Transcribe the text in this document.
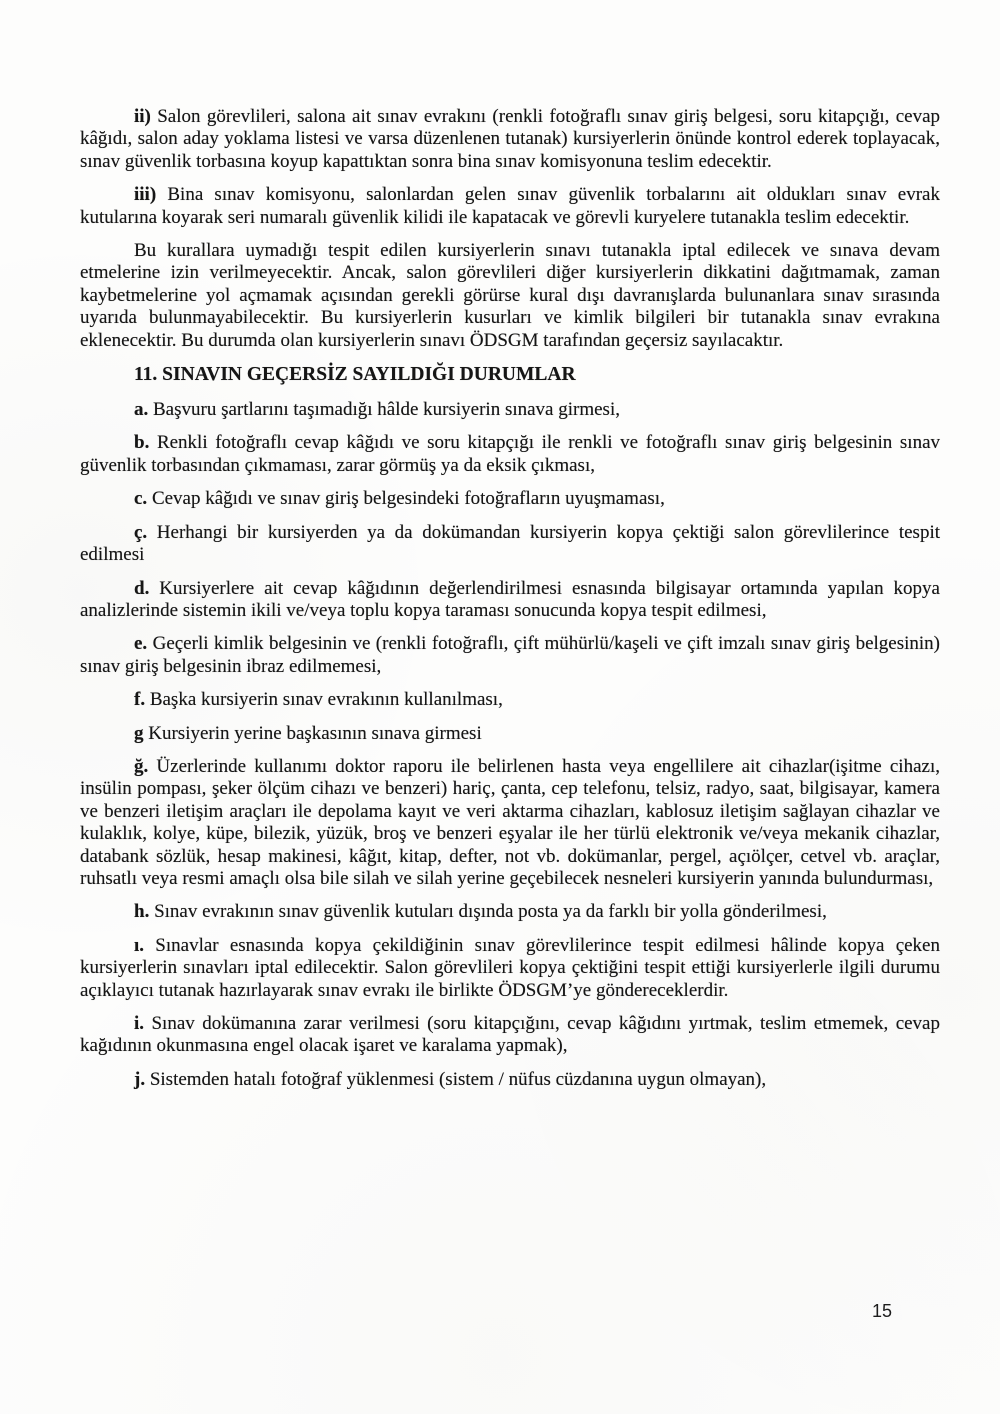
ii) Salon görevlileri, salona ait sınav evrakını (renkli fotoğraflı sınav giriş belgesi, soru kitapçığı, cevap kâğıdı, salon aday yoklama listesi ve varsa düzenlenen tutanak) kursiyerlerin önünde kontrol ederek toplayacak, sınav güvenlik torbasına koyup kapattıktan sonra bina sınav komisyonuna teslim edecektir.

iii) Bina sınav komisyonu, salonlardan gelen sınav güvenlik torbalarını ait oldukları sınav evrak kutularına koyarak seri numaralı güvenlik kilidi ile kapatacak ve görevli kuryelere tutanakla teslim edecektir.

Bu kurallara uymadığı tespit edilen kursiyerlerin sınavı tutanakla iptal edilecek ve sınava devam etmelerine izin verilmeyecektir. Ancak, salon görevlileri diğer kursiyerlerin dikkatini dağıtmamak, zaman kaybetmelerine yol açmamak açısından gerekli görürse kural dışı davranışlarda bulunanlara sınav sırasında uyarıda bulunmayabilecektir. Bu kursiyerlerin kusurları ve kimlik bilgileri bir tutanakla sınav evrakına eklenecektir. Bu durumda olan kursiyerlerin sınavı ÖDSGM tarafından geçersiz sayılacaktır.

11. SINAVIN GEÇERSİZ SAYILDIĞI DURUMLAR

a. Başvuru şartlarını taşımadığı hâlde kursiyerin sınava girmesi,

b. Renkli fotoğraflı cevap kâğıdı ve soru kitapçığı ile renkli ve fotoğraflı sınav giriş belgesinin sınav güvenlik torbasından çıkmaması, zarar görmüş ya da eksik çıkması,

c. Cevap kâğıdı ve sınav giriş belgesindeki fotoğrafların uyuşmaması,

ç. Herhangi bir kursiyerden ya da dokümandan kursiyerin kopya çektiği salon görevlilerince tespit edilmesi

d. Kursiyerlere ait cevap kâğıdının değerlendirilmesi esnasında bilgisayar ortamında yapılan kopya analizlerinde sistemin ikili ve/veya toplu kopya taraması sonucunda kopya tespit edilmesi,

e. Geçerli kimlik belgesinin ve (renkli fotoğraflı, çift mühürlü/kaşeli ve çift imzalı sınav giriş belgesinin) sınav giriş belgesinin ibraz edilmemesi,

f. Başka kursiyerin sınav evrakının kullanılması,

g Kursiyerin yerine başkasının sınava girmesi

ğ. Üzerlerinde kullanımı doktor raporu ile belirlenen hasta veya engellilere ait cihazlar(işitme cihazı, insülin pompası, şeker ölçüm cihazı ve benzeri) hariç, çanta, cep telefonu, telsiz, radyo, saat, bilgisayar, kamera ve benzeri iletişim araçları ile depolama kayıt ve veri aktarma cihazları, kablosuz iletişim sağlayan cihazlar ve kulaklık, kolye, küpe, bilezik, yüzük, broş ve benzeri eşyalar ile her türlü elektronik ve/veya mekanik cihazlar, databank sözlük, hesap makinesi, kâğıt, kitap, defter, not vb. dokümanlar, pergel, açıölçer, cetvel vb. araçlar, ruhsatlı veya resmi amaçlı olsa bile silah ve silah yerine geçebilecek nesneleri kursiyerin yanında bulundurması,

h. Sınav evrakının sınav güvenlik kutuları dışında posta ya da farklı bir yolla gönderilmesi,

ı. Sınavlar esnasında kopya çekildiğinin sınav görevlilerince tespit edilmesi hâlinde kopya çeken kursiyerlerin sınavları iptal edilecektir. Salon görevlileri kopya çektiğini tespit ettiği kursiyerlerle ilgili durumu açıklayıcı tutanak hazırlayarak sınav evrakı ile birlikte ÖDSGM’ye göndereceklerdir.

i. Sınav dokümanına zarar verilmesi (soru kitapçığını, cevap kâğıdını yırtmak, teslim etmemek, cevap kağıdının okunmasına engel olacak işaret ve karalama yapmak),

j. Sistemden hatalı fotoğraf yüklenmesi (sistem / nüfus cüzdanına uygun olmayan),

15
